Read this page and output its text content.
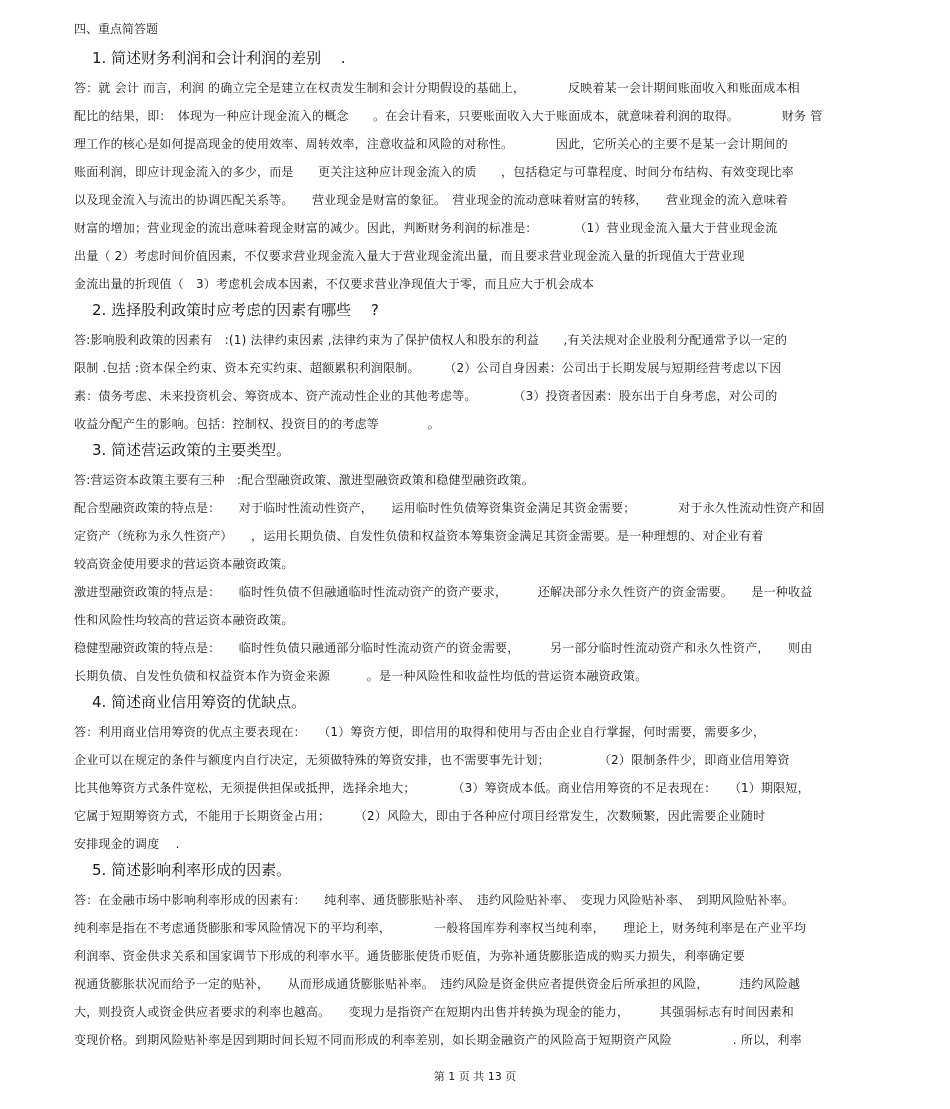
四、重点简答题
1. 简述财务利润和会计利润的差别　 .
答：就 会计 而言，利润 的确立完全是建立在权责发生制和会计分期假设的基础上，　　　　反映着某一会计期间账面收入和账面成本相
配比的结果，即：　体现为一种应计现金流入的概念　　。在会计看来，只要账面收入大于账面成本，就意味着利润的取得。　　　　财务 管
理工作的核心是如何提高现金的使用效率、周转效率，注意收益和风险的对称性。　　　　因此，它所关心的主要不是某一会计期间的
账面利润，即应计现金流入的多少，而是　　更关注这种应计现金流入的质　　，包括稳定与可靠程度、时间分布结构、有效变现比率
以及现金流入与流出的协调匹配关系等。　　营业现金是财富的象征。　营业现金的流动意味着财富的转移，　　营业现金的流入意味着
财富的增加；营业现金的流出意味着现金财富的减少。因此，判断财务利润的标准是：　　　　（1）营业现金流入量大于营业现金流
出量（ 2）考虑时间价值因素，不仅要求营业现金流入量大于营业现金流出量，而且要求营业现金流入量的折现值大于营业现
金流出量的折现值（　3）考虑机会成本因素，不仅要求营业净现值大于零，而且应大于机会成本
2. 选择股利政策时应考虑的因素有哪些　 ?
答:影响股利政策的因素有　:(1) 法律约束因素 ,法律约束为了保护债权人和股东的利益　　,有关法规对企业股利分配通常予以一定的
限制 .包括 :资本保全约束、资本充实约束、超额累积利润限制。　　　（2）公司自身因素：公司出于长期发展与短期经营考虑以下因
素：债务考虑、未来投资机会、筹资成本、资产流动性企业的其他考虑等。　　　　（3）投资者因素：股东出于自身考虑，对公司的
收益分配产生的影响。包括：控制权、投资目的的考虑等　　　　。
3. 简述营运政策的主要类型。
答:营运资本政策主要有三种　:配合型融资政策、激进型融资政策和稳健型融资政策。
配合型融资政策的特点是：　　对于临时性流动性资产，　　运用临时性负债筹资集资金满足其资金需要；　　　　对于永久性流动性资产和固
定资产（统称为永久性资产）　　，运用长期负债、自发性负债和权益资本筹集资金满足其资金需要。是一种理想的、对企业有着
较高资金使用要求的营运资本融资政策。
激进型融资政策的特点是：　　临时性负债不但融通临时性流动资产的资产要求，　　　还解决部分永久性资产的资金需要。　　是一种收益
性和风险性均较高的营运资本融资政策。
稳健型融资政策的特点是：　　临时性负债只融通部分临时性流动资产的资金需要，　　　另一部分临时性流动资产和永久性资产，　　则由
长期负债、自发性负债和权益资本作为资金来源　　　。是一种风险性和收益性均低的营运资本融资政策。
4. 简述商业信用筹资的优缺点。
答：利用商业信用筹资的优点主要表现在：　　（1）筹资方便，即信用的取得和使用与否由企业自行掌握，何时需要，需要多少，
企业可以在规定的条件与额度内自行决定，无须做特殊的筹资安排，也不需要事先计划；　　　　　（2）限制条件少，即商业信用筹资
比其他筹资方式条件宽松，无须提供担保或抵押，选择余地大；　　　　（3）筹资成本低。商业信用筹资的不足表现在：　　（1）期限短，
它属于短期筹资方式，不能用于长期资金占用；　　　（2）风险大，即由于各种应付项目经常发生，次数频繁，因此需要企业随时
安排现金的调度　 .
5. 简述影响利率形成的因素。
答：在金融市场中影响利率形成的因素有：　　纯利率、通货膨胀贴补率、　违约风险贴补率、　变现力风险贴补率、　到期风险贴补率。
纯利率是指在不考虑通货膨胀和零风险情况下的平均利率，　　　　一般将国库券利率权当纯利率，　　理论上，财务纯利率是在产业平均
利润率、资金供求关系和国家调节下形成的利率水平。通货膨胀使货币贬值，为弥补通货膨胀造成的购买力损失，利率确定要
视通货膨胀状况而给予一定的贴补，　　从而形成通货膨胀贴补率。　违约风险是资金供应者提供资金后所承担的风险，　　　违约风险越
大，则投资人或资金供应者要求的利率也越高。　　变现力是指资产在短期内出售并转换为现金的能力，　　　其强弱标志有时间因素和
变现价格。到期风险贴补率是因到期时间长短不同而形成的利率差别，如长期金融资产的风险高于短期资产风险　　　　　. 所以，利率
第 1 页 共 13 页
